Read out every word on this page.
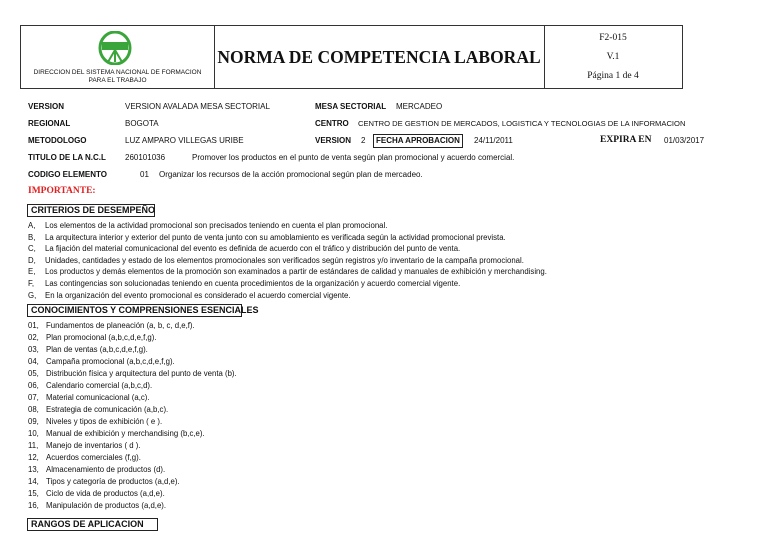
DIRECCION DEL SISTEMA NACIONAL DE FORMACION
PARA EL TRABAJO
NORMA DE COMPETENCIA LABORAL
F2-015
V.1
Página 1 de 4
VERSION	VERSION AVALADA MESA SECTORIAL	MESA SECTORIAL MERCADEO
REGIONAL	BOGOTA	CENTRO CENTRO DE GESTION DE MERCADOS, LOGISTICA Y TECNOLOGIAS DE LA INFORMACION
METODOLOGO	LUZ AMPARO VILLEGAS URIBE	VERSION 2	FECHA APROBACION	24/11/2011	EXPIRA EN 01/03/2017
TITULO DE LA N.C.L 260101036	Promover los productos en el punto de venta según plan promocional y acuerdo comercial.
CODIGO ELEMENTO	01 Organizar los recursos de la acción promocional según plan de mercadeo.
IMPORTANTE:
CRITERIOS DE DESEMPEÑO
A, Los elementos de la actividad promocional son precisados teniendo en cuenta el plan promocional.
B, La arquitectura interior y exterior del punto de venta junto con su amoblamiento es verificada según la actividad promocional prevista.
C, La fijación del material comunicacional del evento es definida de acuerdo con el tráfico y distribución del punto de venta.
D, Unidades, cantidades y estado de los elementos promocionales son verificados según registros y/o inventario de la campaña promocional.
E, Los productos y demás elementos de la promoción son examinados a partir de estándares de calidad y manuales de exhibición y merchandising.
F, Las contingencias son solucionadas teniendo en cuenta procedimientos de la organización y acuerdo comercial vigente.
G, En la organización del evento promocional es considerado el acuerdo comercial vigente.
CONOCIMIENTOS Y COMPRENSIONES ESENCIALES
01, Fundamentos de planeación (a, b, c, d,e,f).
02, Plan promocional (a,b,c,d,e,f,g).
03, Plan de ventas (a,b,c,d,e,f,g).
04, Campaña promocional (a,b,c,d,e,f,g).
05, Distribución física y arquitectura del punto de venta (b).
06, Calendario comercial (a,b,c,d).
07, Material comunicacional (a,c).
08, Estrategia de comunicación (a,b,c).
09, Niveles y tipos de exhibición ( e ).
10, Manual de exhibición y merchandising (b,c,e).
11, Manejo de inventarios ( d ).
12, Acuerdos comerciales (f,g).
13, Almacenamiento de productos (d).
14, Tipos y categoría de productos (a,d,e).
15, Ciclo de vida de productos (a,d,e).
16, Manipulación de productos (a,d,e).
RANGOS DE APLICACION
